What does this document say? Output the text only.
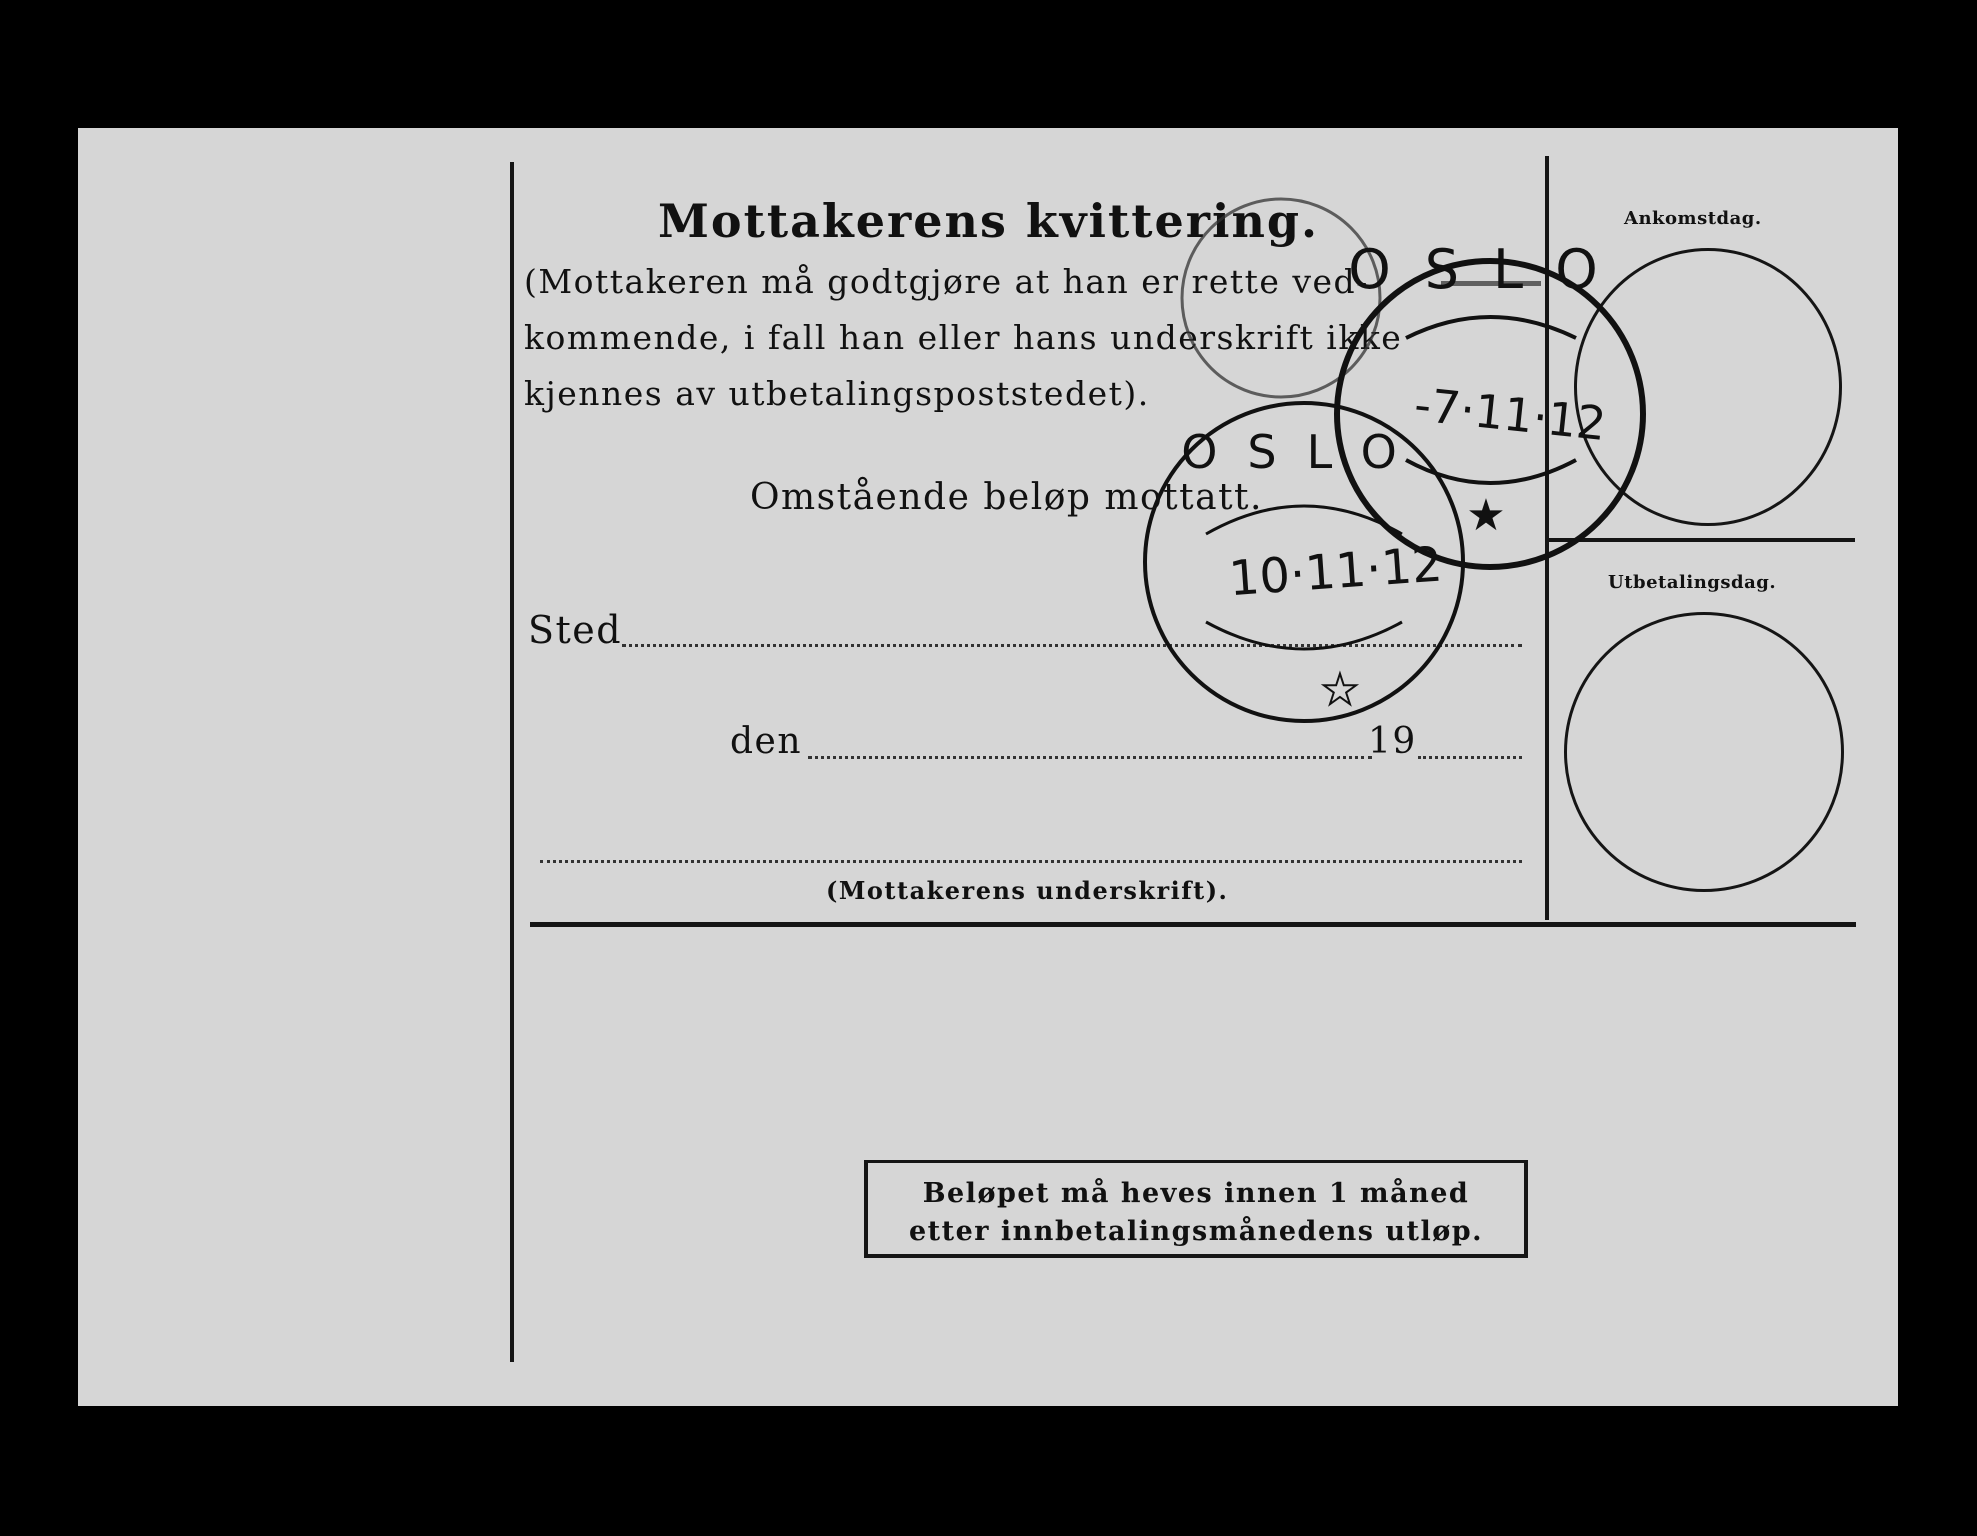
Mottakerens kvittering.
(Mottakeren må godtgjøre at han er rette ved-
kommende, i fall han eller hans underskrift ikke
kjennes av utbetalingspoststedet).
Omstående beløp mottatt.
Sted
den	19
(Mottakerens underskrift).
Ankomstdag.
Utbetalingsdag.
Beløpet må heves innen 1 måned
etter innbetalingsmånedens utløp.
-7·11·12
OSLO
★
10·11·12
OSLO
★
